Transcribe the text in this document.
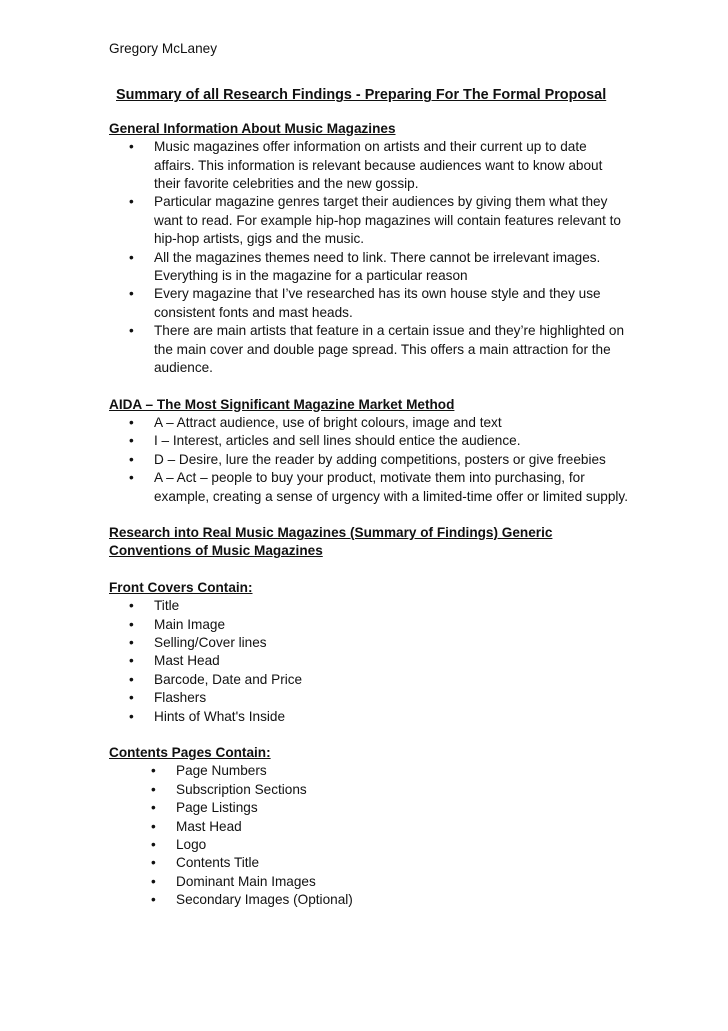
Gregory McLaney
Summary of all Research Findings - Preparing For The Formal Proposal
General Information About Music Magazines
• Music magazines offer information on artists and their current up to date affairs. This information is relevant because audiences want to know about their favorite celebrities and the new gossip.
• Particular magazine genres target their audiences by giving them what they want to read. For example hip-hop magazines will contain features relevant to hip-hop artists, gigs and the music.
• All the magazines themes need to link. There cannot be irrelevant images. Everything is in the magazine for a particular reason
• Every magazine that I’ve researched has its own house style and they use consistent fonts and mast heads.
• There are main artists that feature in a certain issue and they’re highlighted on the main cover and double page spread. This offers a main attraction for the audience.
AIDA – The Most Significant Magazine Market Method
• A – Attract audience, use of bright colours, image and text
• I – Interest, articles and sell lines should entice the audience.
• D – Desire, lure the reader by adding competitions, posters or give freebies
• A – Act – people to buy your product, motivate them into purchasing, for example, creating a sense of urgency with a limited-time offer or limited supply.
Research into Real Music Magazines (Summary of Findings) Generic Conventions of Music Magazines
Front Covers Contain:
• Title
• Main Image
• Selling/Cover lines
• Mast Head
• Barcode, Date and Price
• Flashers
• Hints of What's Inside
Contents Pages Contain:
• Page Numbers
• Subscription Sections
• Page Listings
• Mast Head
• Logo
• Contents Title
• Dominant Main Images
• Secondary Images (Optional)
